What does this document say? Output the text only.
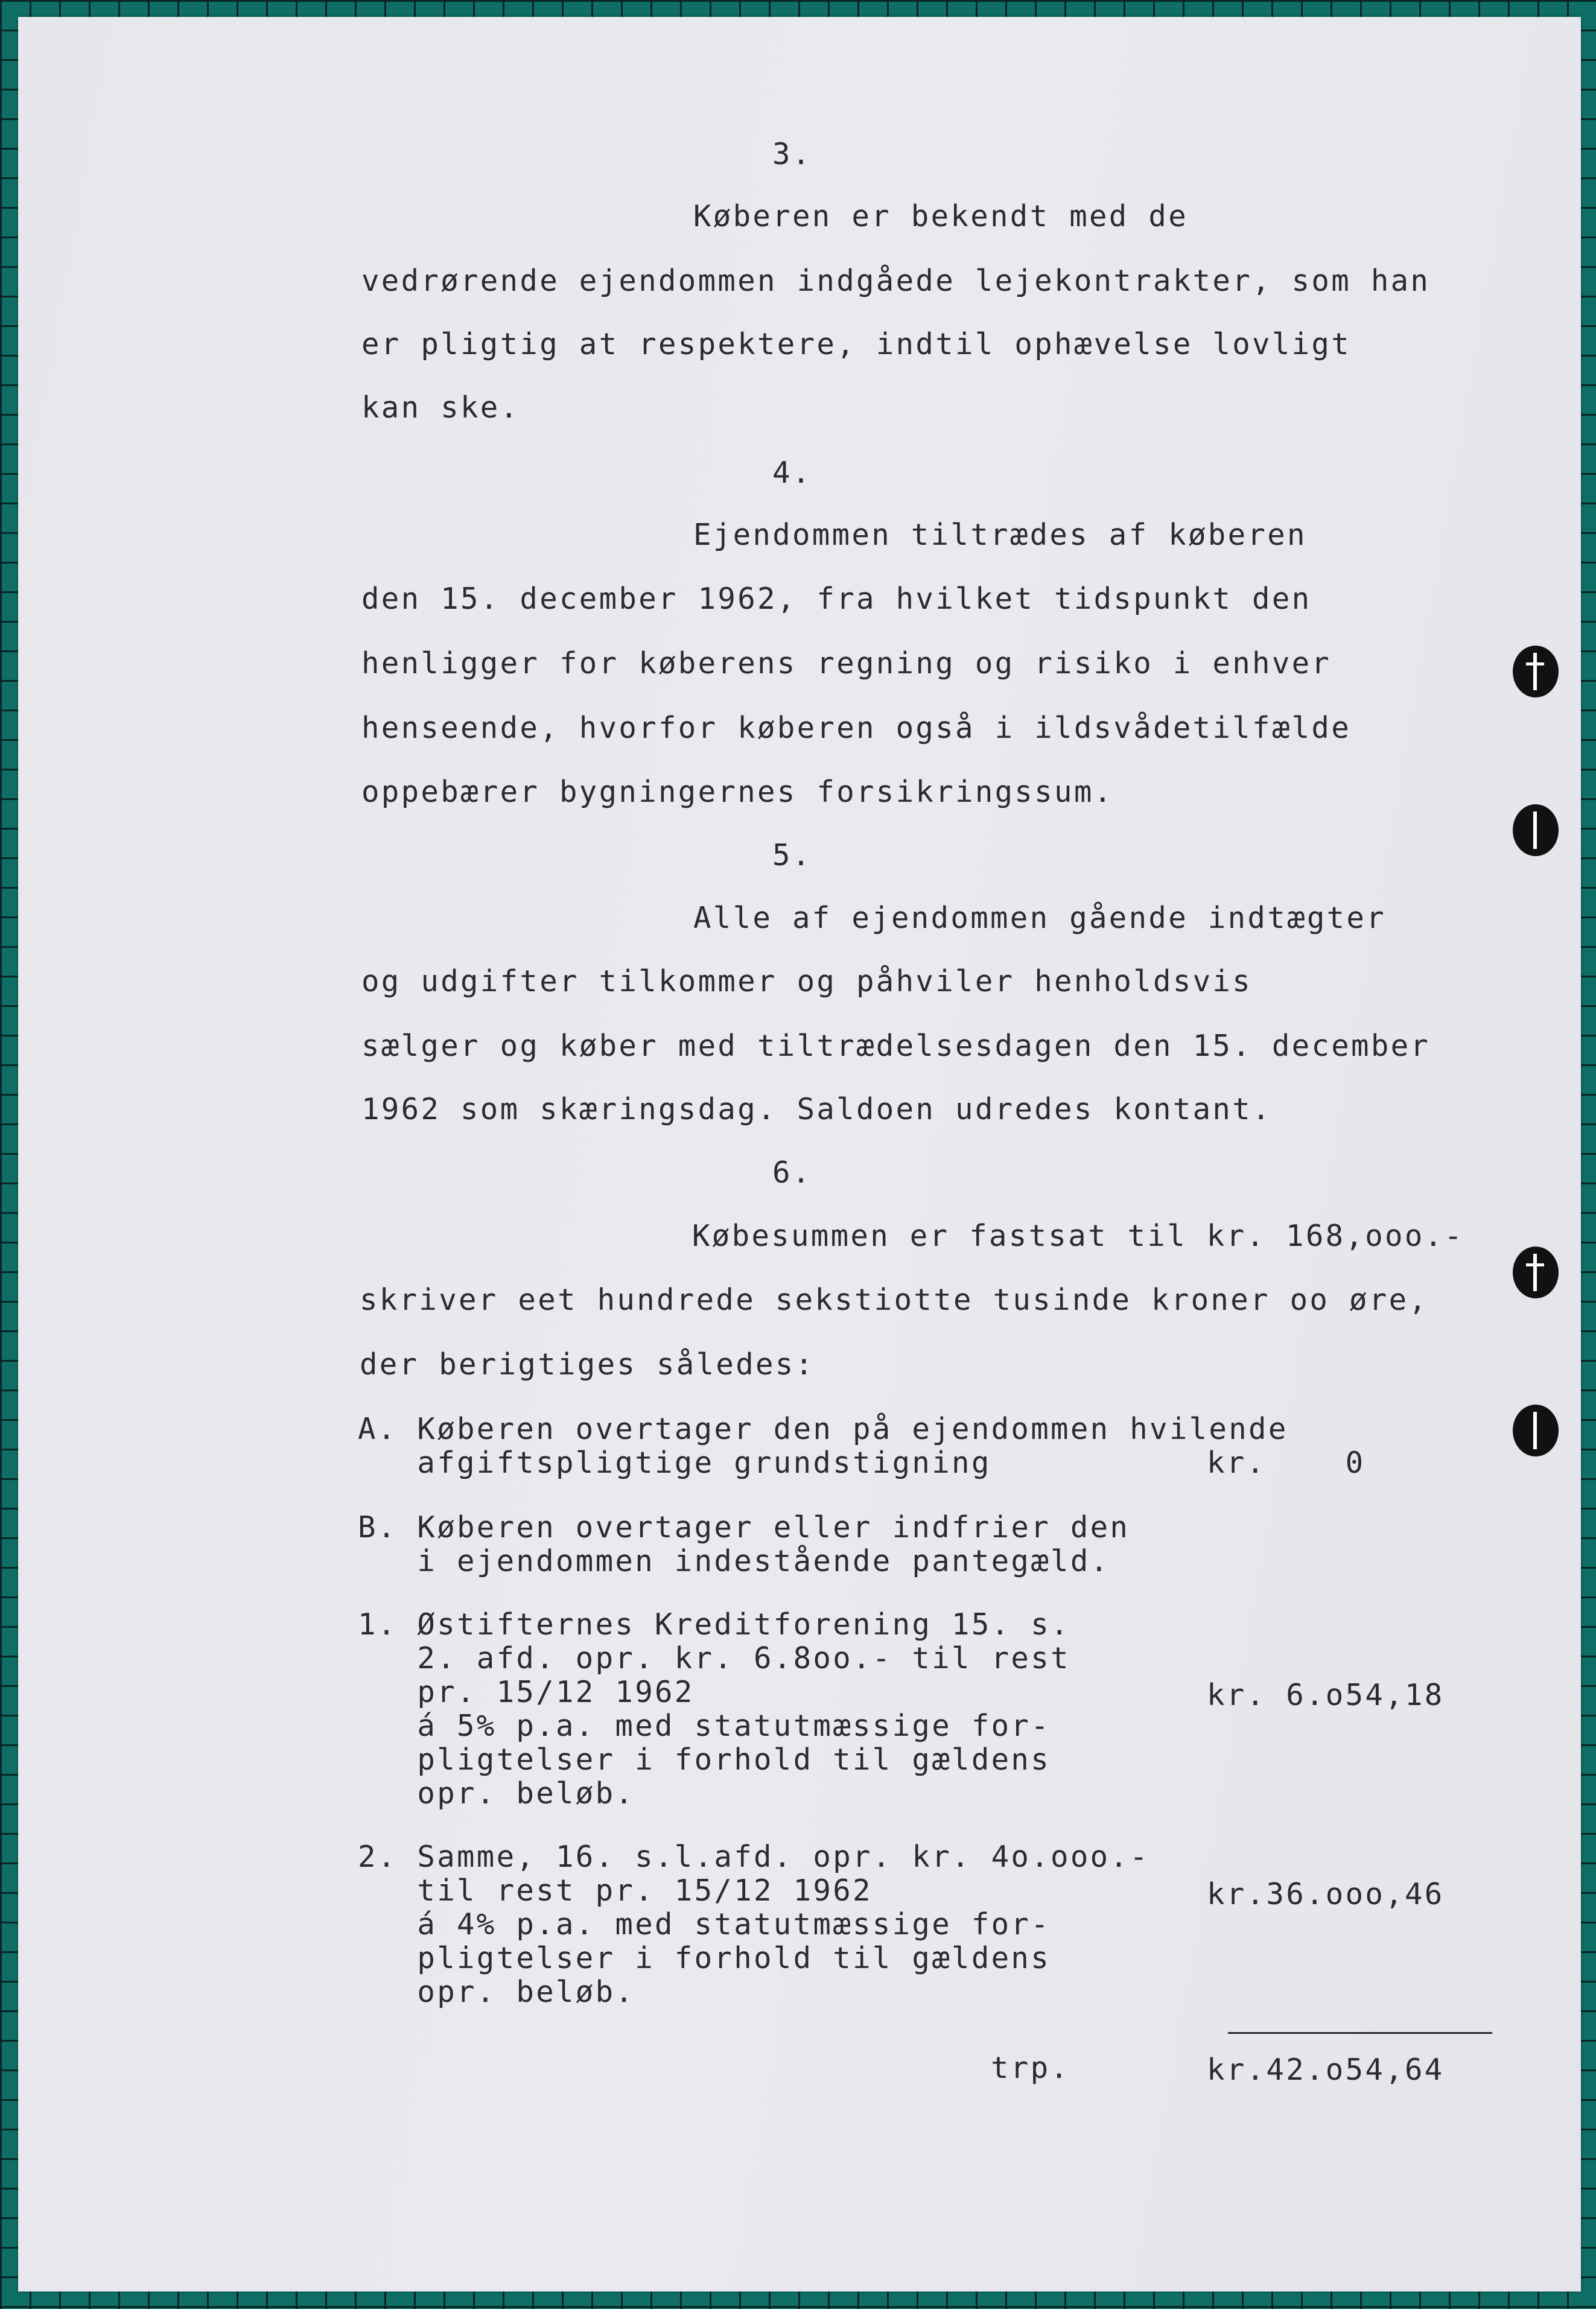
3.
Køberen er bekendt med de
vedrørende ejendommen indgåede lejekontrakter, som han
er pligtig at respektere, indtil ophævelse lovligt
kan ske.
4.
Ejendommen tiltrædes af køberen
den 15. december 1962, fra hvilket tidspunkt den
henligger for køberens regning og risiko i enhver
henseende, hvorfor køberen også i ildsvådetilfælde
oppebærer bygningernes forsikringssum.
5.
Alle af ejendommen gående indtægter
og udgifter tilkommer og påhviler henholdsvis
sælger og køber med tiltrædelsesdagen den 15. december
1962 som skæringsdag. Saldoen udredes kontant.
6.
Købesummen er fastsat til kr. 168,ooo.-
skriver eet hundrede sekstiotte tusinde kroner oo øre,
der berigtiges således:
A. Køberen overtager den på ejendommen hvilende
afgiftspligtige grundstigning	kr.    0
B. Køberen overtager eller indfrier den
i ejendommen indestående pantegæld.
1. Østifternes Kreditforening 15. s.
2. afd. opr. kr. 6.8oo.- til rest
pr. 15/12 1962
á 5% p.a. med statutmæssige for-
pligtelser i forhold til gældens
opr. beløb.
kr. 6.o54,18
2. Samme, 16. s.l.afd. opr. kr. 4o.ooo.-
til rest pr. 15/12 1962
á 4% p.a. med statutmæssige for-
pligtelser i forhold til gældens
opr. beløb.
kr.36.ooo,46
trp.	kr.42.o54,64
